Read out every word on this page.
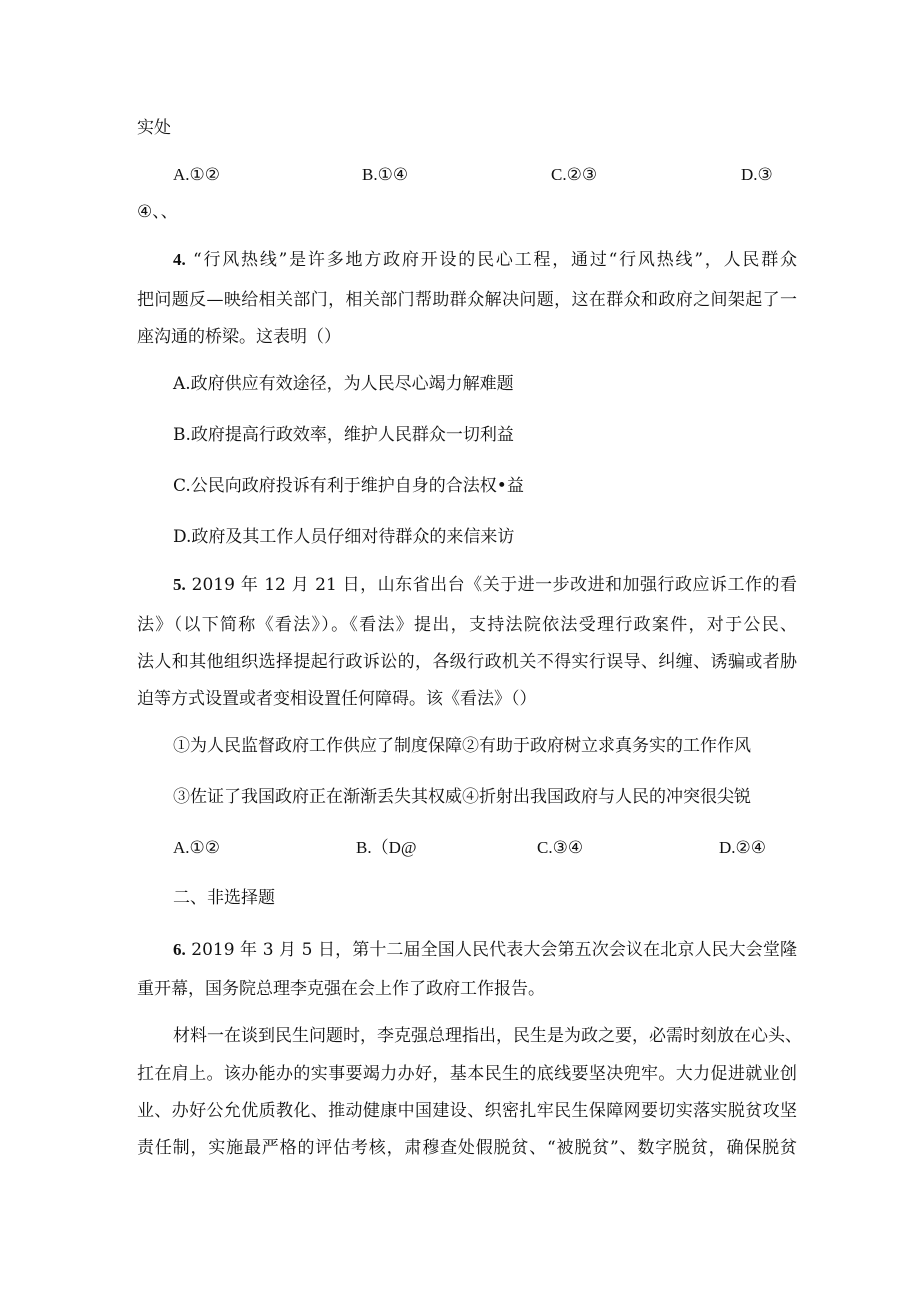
实处
A.①②	B.①④	C.②③	D.③
④、、
4. “行风热线”是许多地方政府开设的民心工程，通过“行风热线”，人民群众
把问题反—映给相关部门，相关部门帮助群众解决问题，这在群众和政府之间架起了一
座沟通的桥梁。这表明（）
A.政府供应有效途径，为人民尽心竭力解难题
B.政府提高行政效率，维护人民群众一切利益
C.公民向政府投诉有利于维护自身的合法权•益
D.政府及其工作人员仔细对待群众的来信来访
5. 2019 年 12 月 21 日，山东省出台《关于进一步改进和加强行政应诉工作的看
法》（以下简称《看法》）。《看法》提出，支持法院依法受理行政案件，对于公民、
法人和其他组织选择提起行政诉讼的，各级行政机关不得实行误导、纠缠、诱骗或者胁
迫等方式设置或者变相设置任何障碍。该《看法》（）
①为人民监督政府工作供应了制度保障②有助于政府树立求真务实的工作作风
③佐证了我国政府正在渐渐丢失其权威④折射出我国政府与人民的冲突很尖锐
A.①②	B.（D@	C.③④	D.②④
二、非选择题
6. 2019 年 3 月 5 日，第十二届全国人民代表大会第五次会议在北京人民大会堂隆
重开幕，国务院总理李克强在会上作了政府工作报告。
材料一在谈到民生问题时，李克强总理指出，民生是为政之要，必需时刻放在心头、
扛在肩上。该办能办的实事要竭力办好，基本民生的底线要坚决兜牢。大力促进就业创
业、办好公允优质教化、推动健康中国建设、织密扎牢民生保障网要切实落实脱贫攻坚
责任制，实施最严格的评估考核，肃穆查处假脱贫、“被脱贫”、数字脱贫，确保脱贫
